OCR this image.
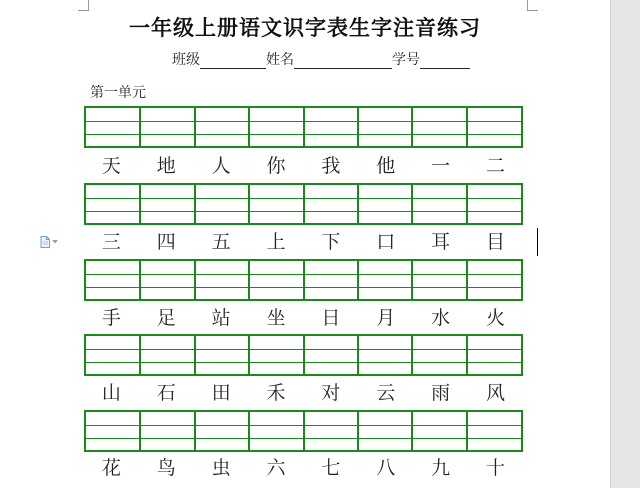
一年级上册语文识字表生字注音练习
班级	姓名	学号
第一单元
天	地	人	你	我	他	一	二
三	四	五	上	下	口	耳	目
手	足	站	坐	日	月	水	火
山	石	田	禾	对	云	雨	风
花	鸟	虫	六	七	八	九	十
